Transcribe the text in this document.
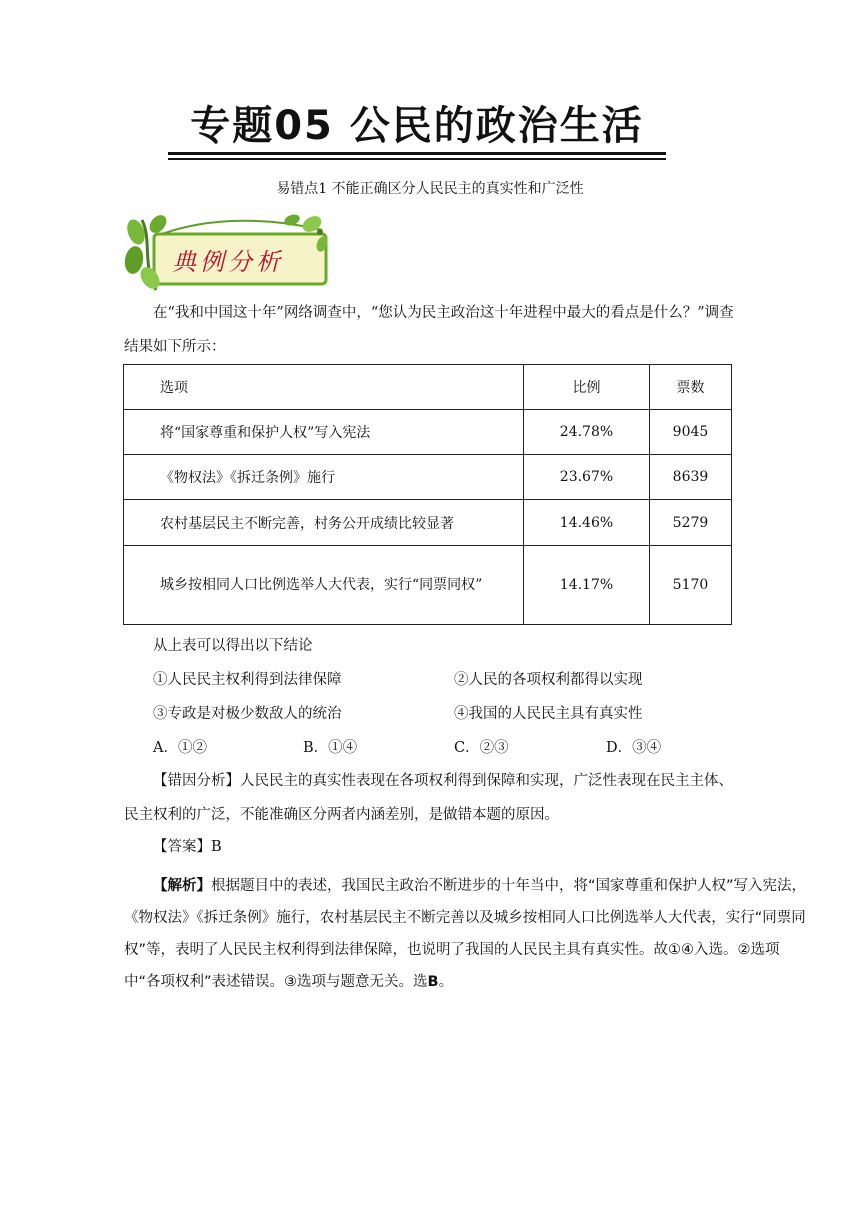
专题05 公民的政治生活
易错点1 不能正确区分人民民主的真实性和广泛性
典例分析
在“我和中国这十年”网络调查中，“您认为民主政治这十年进程中最大的看点是什么？”调查结果如下所示：
选项	比例	票数
将“国家尊重和保护人权”写入宪法	24.78%	9045
《物权法》《拆迁条例》施行	23.67%	8639
农村基层民主不断完善，村务公开成绩比较显著	14.46%	5279
城乡按相同人口比例选举人大代表，实行“同票同权”	14.17%	5170
从上表可以得出以下结论
①人民民主权利得到法律保障	②人民的各项权利都得以实现
③专政是对极少数敌人的统治	④我国的人民民主具有真实性
A．①②	B．①④	C．②③	D．③④
【错因分析】人民民主的真实性表现在各项权利得到保障和实现，广泛性表现在民主主体、民主权利的广泛，不能准确区分两者内涵差别，是做错本题的原因。
【答案】B
【解析】根据题目中的表述，我国民主政治不断进步的十年当中，将“国家尊重和保护人权”写入宪法，《物权法》《拆迁条例》施行，农村基层民主不断完善以及城乡按相同人口比例选举人大代表，实行“同票同权”等，表明了人民民主权利得到法律保障，也说明了我国的人民民主具有真实性。故①④入选。②选项中“各项权利”表述错误。③选项与题意无关。选B。
